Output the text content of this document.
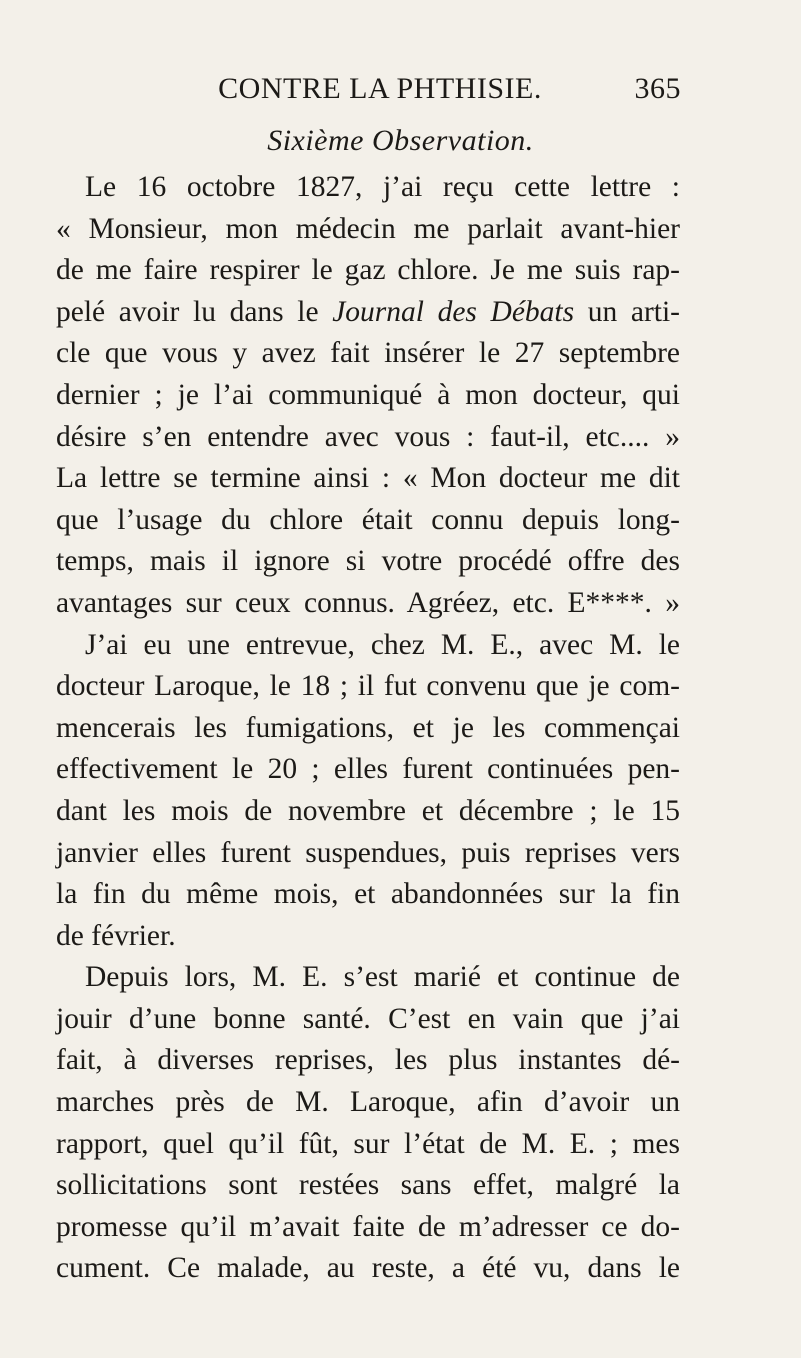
CONTRE LA PHTHISIE.	365
Sixième Observation.
Le 16 octobre 1827, j’ai reçu cette lettre :
« Monsieur, mon médecin me parlait avant-hier
de me faire respirer le gaz chlore. Je me suis rap-
pelé avoir lu dans le Journal des Débats un arti-
cle que vous y avez fait insérer le 27 septembre
dernier ; je l’ai communiqué à mon docteur, qui
désire s’en entendre avec vous : faut-il, etc.... »
La lettre se termine ainsi : « Mon docteur me dit
que l’usage du chlore était connu depuis long-
temps, mais il ignore si votre procédé offre des
avantages sur ceux connus. Agréez, etc. E****. »
J’ai eu une entrevue, chez M. E., avec M. le
docteur Laroque, le 18 ; il fut convenu que je com-
mencerais les fumigations, et je les commençai
effectivement le 20 ; elles furent continuées pen-
dant les mois de novembre et décembre ; le 15
janvier elles furent suspendues, puis reprises vers
la fin du même mois, et abandonnées sur la fin
de février.
Depuis lors, M. E. s’est marié et continue de
jouir d’une bonne santé. C’est en vain que j’ai
fait, à diverses reprises, les plus instantes dé-
marches près de M. Laroque, afin d’avoir un
rapport, quel qu’il fût, sur l’état de M. E. ; mes
sollicitations sont restées sans effet, malgré la
promesse qu’il m’avait faite de m’adresser ce do-
cument. Ce malade, au reste, a été vu, dans le
